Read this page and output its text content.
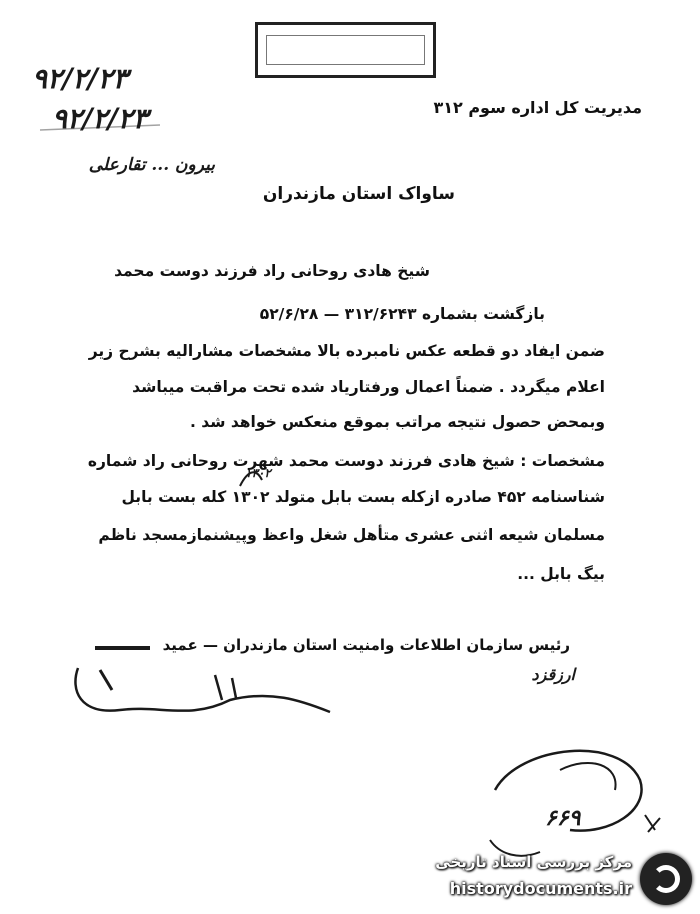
۹۲/۲/۲۳
۹۲/۲/۲۳
بیرون ... تقارعلی
مدیریت کل اداره سوم ۳۱۲
ساواک استان مازندران
شیخ هادی روحانی راد فرزند دوست محمد
بازگشت بشماره ۳۱۲/۶۲۴۳ — ۵۲/۶/۲۸
ضمن ایفاد دو قطعه عکس نامبرده بالا مشخصات مشارالیه بشرح زیر
اعلام میگردد . ضمناً اعمال ورفتارياد شده تحت مراقبت میباشد
وبمحض حصول نتیجه مراتب بموقع منعکس خواهد شد .
مشخصات : شیخ هادی فرزند دوست محمد شهرت روحانی راد شماره
شناسنامه ۴۵۲ صادره ازکله بست بابل متولد ۱۳۰۲ کله بست بابل
مسلمان شیعه اثنی عشری متأهل شغل واعظ وپیشنمازمسجد ناظم
بیگ بابل ...
۱۳۰۲
رئیس سازمان اطلاعات وامنیت استان مازندران — عمید
ارزقزد
۶۶۹
مرکز بررسی اسناد تاریخی
historydocuments.ir
